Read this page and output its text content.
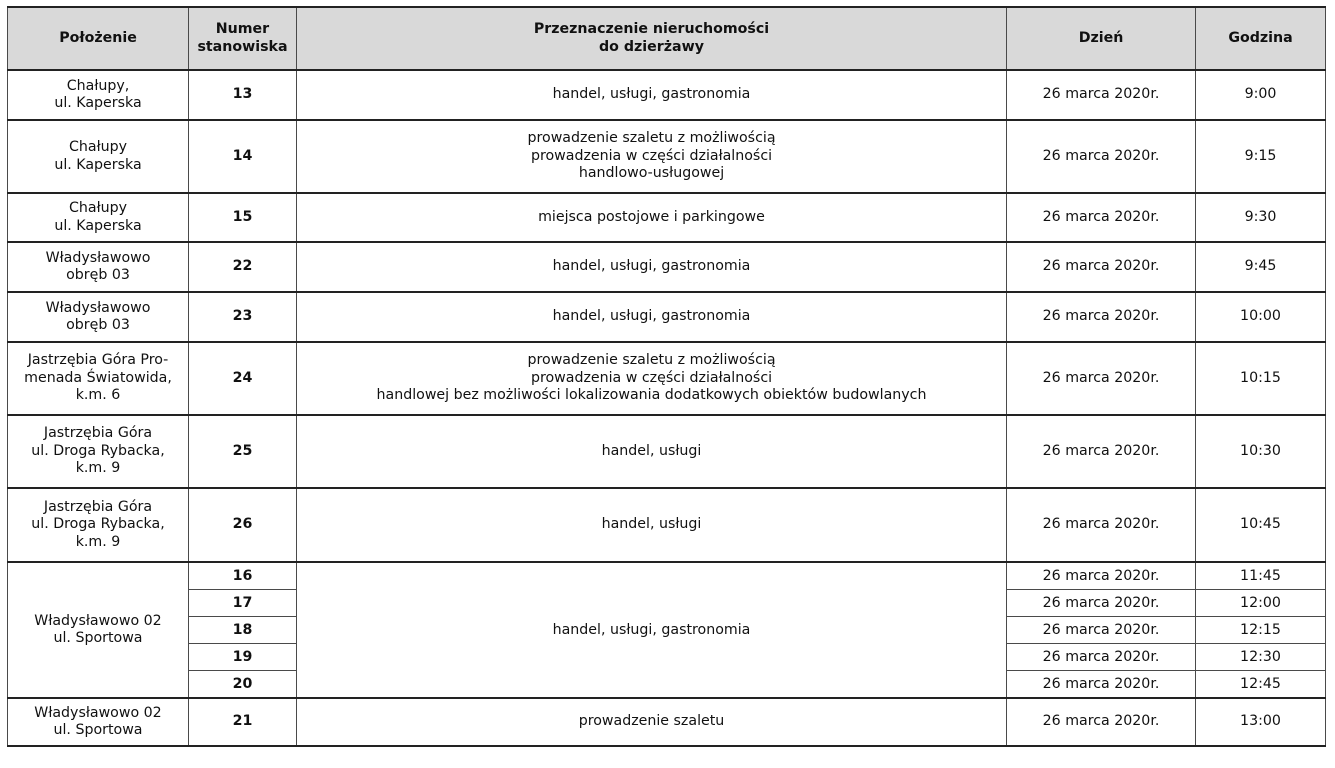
Położenie	Numer
stanowiska	Przeznaczenie nieruchomości
do dzierżawy	Dzień	Godzina
Chałupy,
ul. Kaperska	13	handel, usługi, gastronomia	26 marca 2020r.	9:00
Chałupy
ul. Kaperska	14	prowadzenie szaletu z możliwością
prowadzenia w części działalności
handlowo-usługowej	26 marca 2020r.	9:15
Chałupy
ul. Kaperska	15	miejsca postojowe i parkingowe	26 marca 2020r.	9:30
Władysławowo
obręb 03	22	handel, usługi, gastronomia	26 marca 2020r.	9:45
Władysławowo
obręb 03	23	handel, usługi, gastronomia	26 marca 2020r.	10:00
Jastrzębia Góra Pro-
menada Światowida,
k.m. 6	24	prowadzenie szaletu z możliwością
prowadzenia w części działalności
handlowej bez możliwości lokalizowania dodatkowych obiektów budowlanych	26 marca 2020r.	10:15
Jastrzębia Góra
ul. Droga Rybacka,
k.m. 9	25	handel, usługi	26 marca 2020r.	10:30
Jastrzębia Góra
ul. Droga Rybacka,
k.m. 9	26	handel, usługi	26 marca 2020r.	10:45
Władysławowo 02
ul. Sportowa	16	handel, usługi, gastronomia	26 marca 2020r.	11:45
	17		26 marca 2020r.	12:00
	18		26 marca 2020r.	12:15
	19		26 marca 2020r.	12:30
	20		26 marca 2020r.	12:45
Władysławowo 02
ul. Sportowa	21	prowadzenie szaletu	26 marca 2020r.	13:00
